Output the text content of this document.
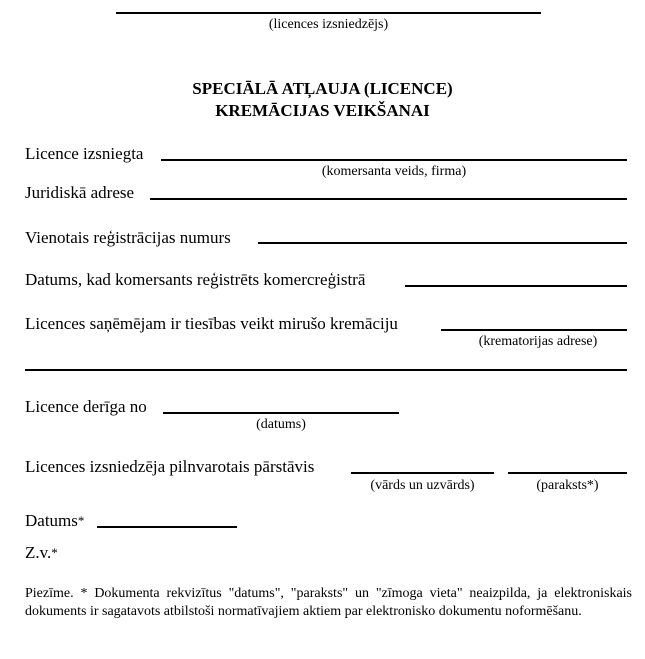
(licences izsniedzējs)
SPECIĀLĀ ATĻAUJA (LICENCE)
KREMĀCIJAS VEIKŠANAI
Licence izsniegta
(komersanta veids, firma)
Juridiskā adrese
Vienotais reģistrācijas numurs
Datums, kad komersants reģistrēts komercreģistrā
Licences saņēmējam ir tiesības veikt mirušo kremāciju
(krematorijas adrese)
Licence derīga no
(datums)
Licences izsniedzēja pilnvarotais pārstāvis
(vārds un uzvārds)	(paraksts*)
Datums*
Z.v.*
Piezīme. * Dokumenta rekvizītus "datums", "paraksts" un "zīmoga vieta" neaizpilda, ja elektroniskais dokuments ir sagatavots atbilstoši normatīvajiem aktiem par elektronisko dokumentu noformēšanu.
